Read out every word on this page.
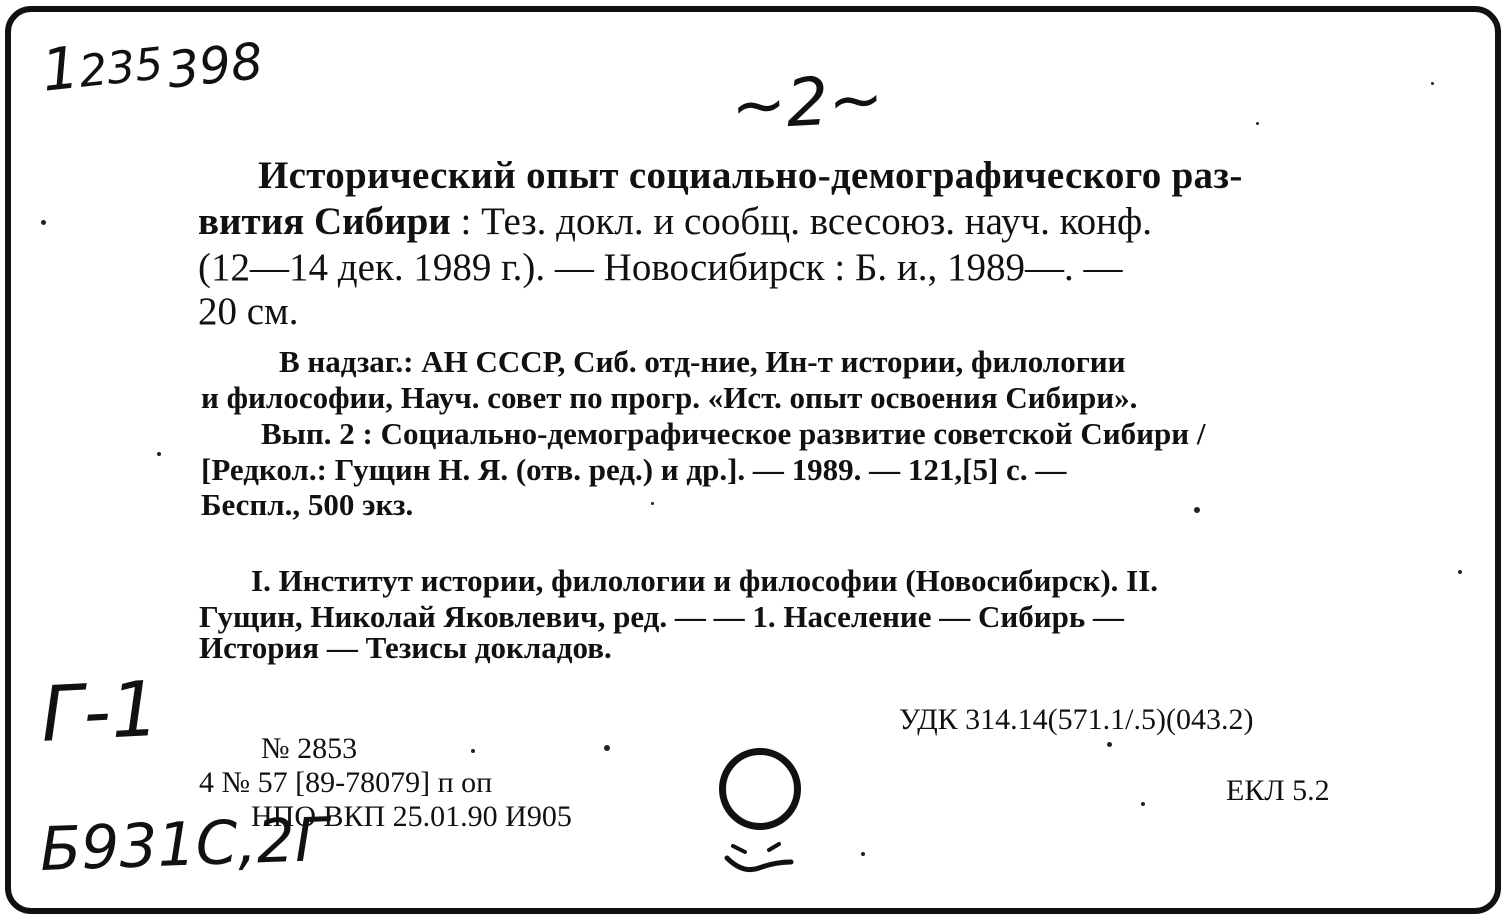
1235398	~2~
Г-1
Б931С,2Г
Исторический опыт социально-демографического раз-
вития Сибири : Тез. докл. и сообщ. всесоюз. науч. конф.
(12—14 дек. 1989 г.). — Новосибирск : Б. и., 1989—. —
20 см.
В надзаг.: АН СССР, Сиб. отд-ние, Ин-т истории, филологии
и философии, Науч. совет по прогр. «Ист. опыт освоения Сибири».
Вып. 2 : Социально-демографическое развитие советской Сибири /
[Редкол.: Гущин Н. Я. (отв. ред.) и др.]. — 1989. — 121,[5] с. —
Беспл., 500 экз.
I. Институт истории, филологии и философии (Новосибирск). II.
Гущин, Николай Яковлевич, ред. — — 1. Население — Сибирь —
История — Тезисы докладов.
УДК 314.14(571.1/.5)(043.2)
№ 2853
4 № 57 [89-78079] п оп
НПО ВКП 25.01.90 И905
ЕКЛ 5.2
